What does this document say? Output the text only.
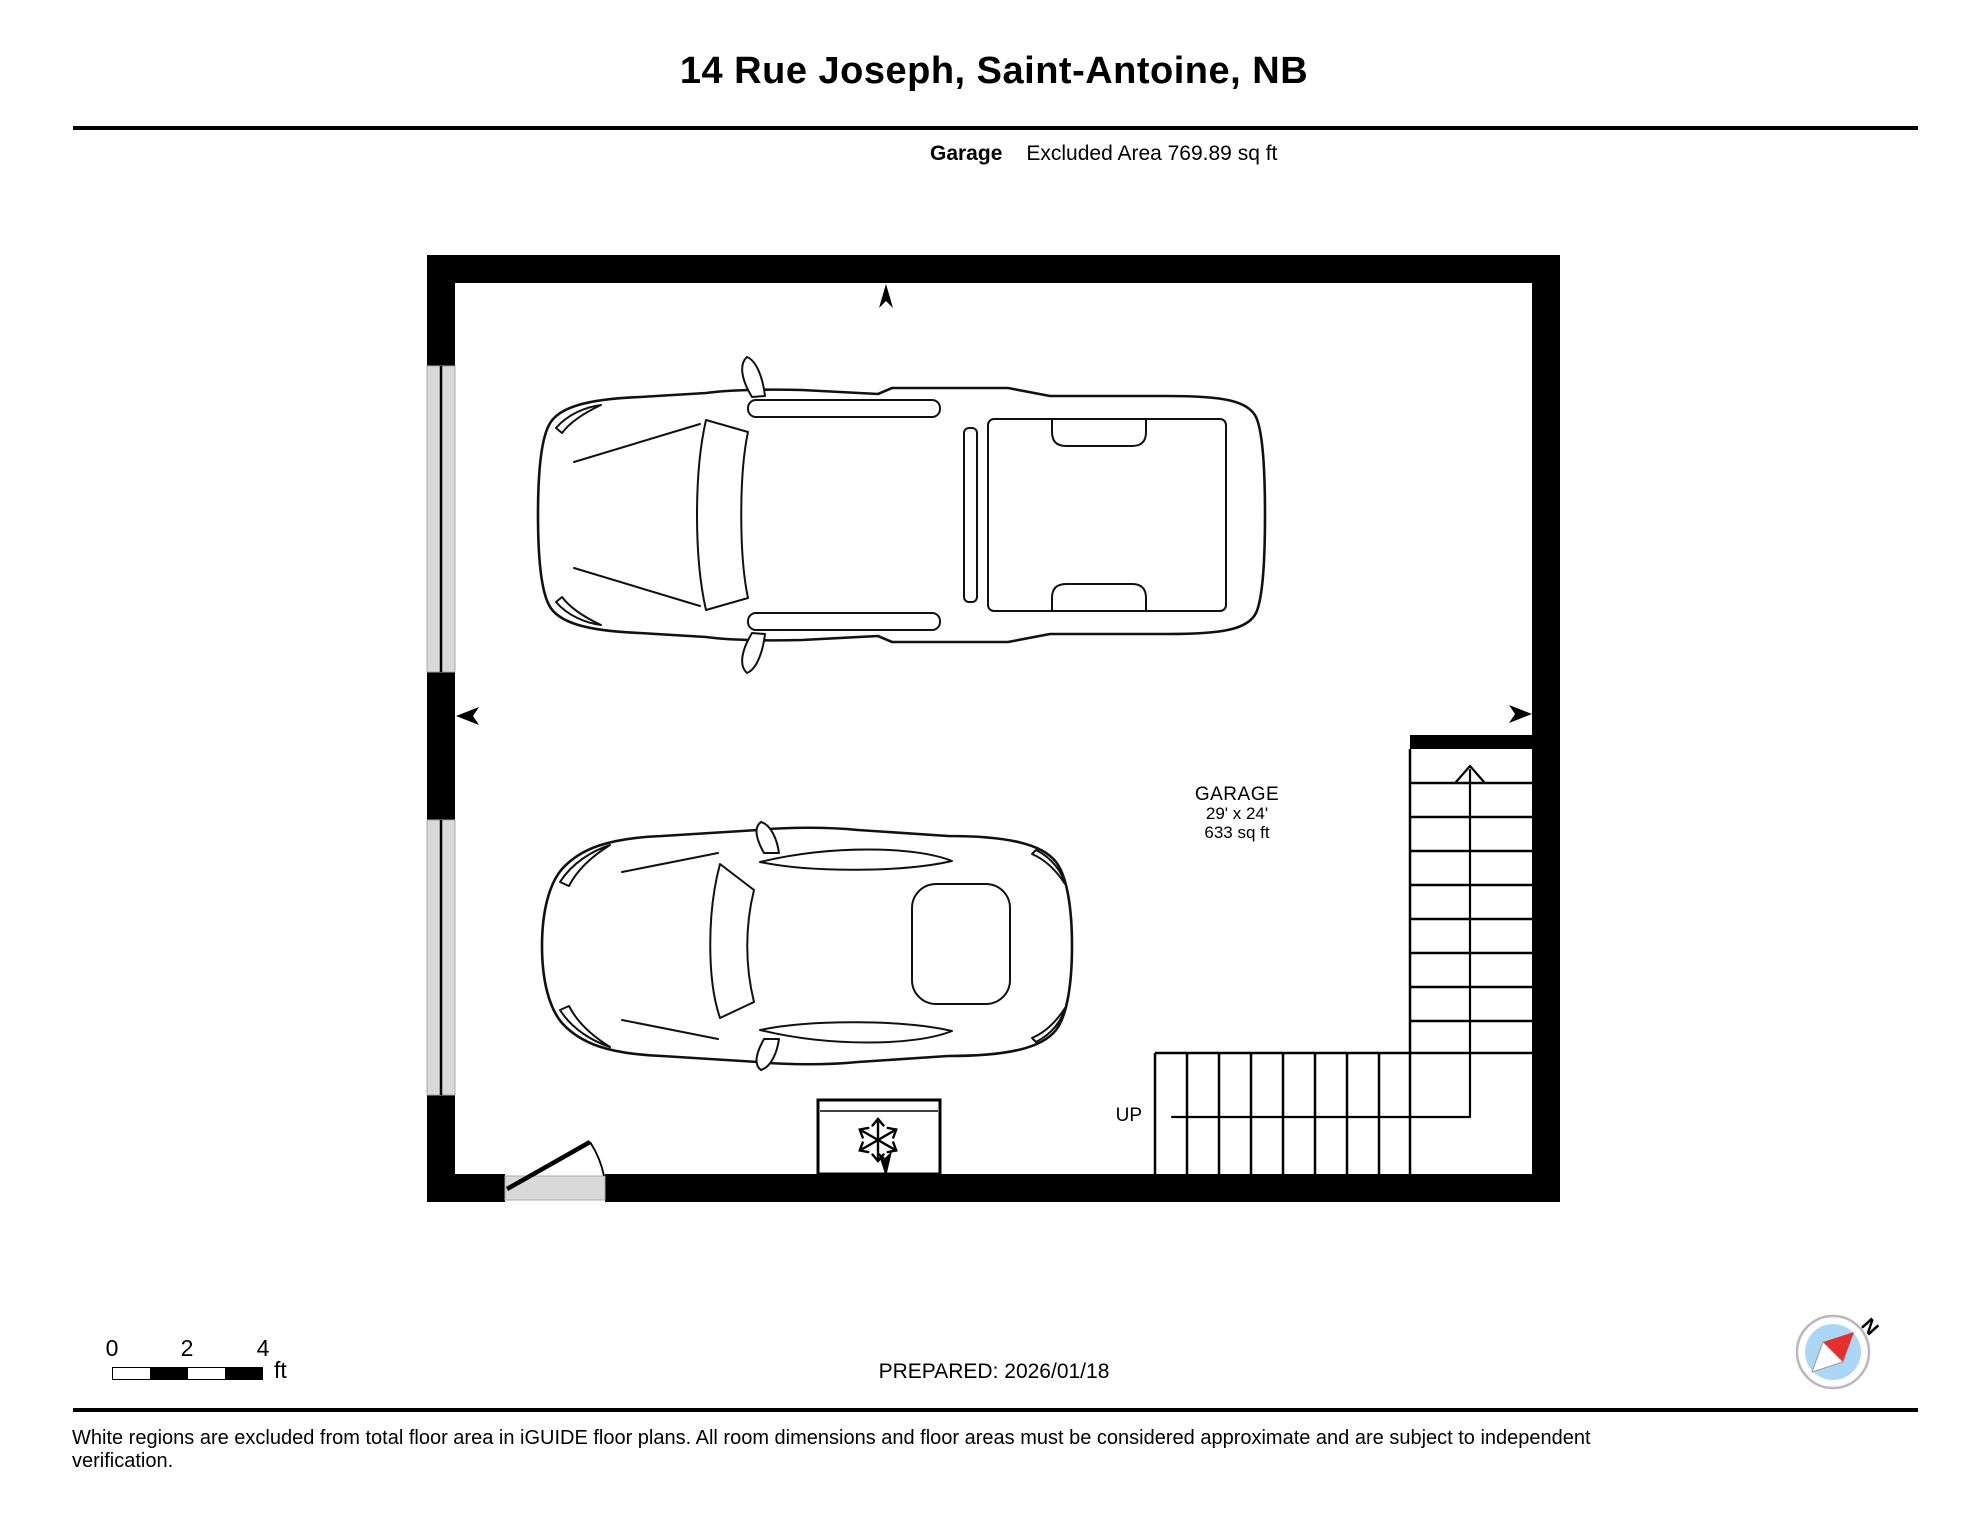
14 Rue Joseph, Saint-Antoine, NB
Garage Excluded Area 769.89 sq ft
GARAGE
29' x 24'
633 sq ft
UP
0	2	4
ft	PREPARED: 2026/01/18
N
White regions are excluded from total floor area in iGUIDE floor plans. All room dimensions and floor areas must be considered approximate and are subject to independent verification.
